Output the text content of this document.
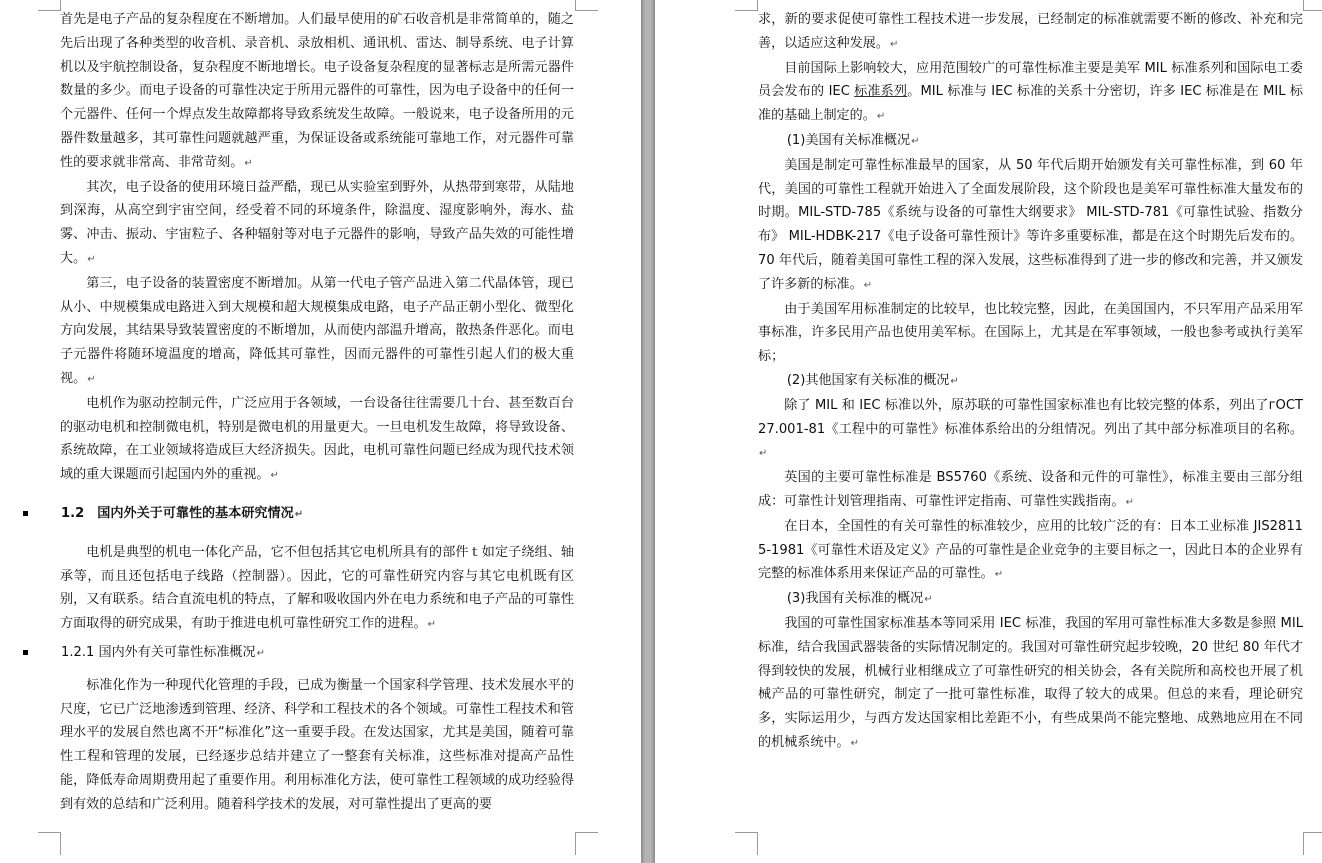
首先是电子产品的复杂程度在不断增加。人们最早使用的矿石收音机是非常简单的，随之先后出现了各种类型的收音机、录音机、录放相机、通讯机、雷达、制导系统、电子计算机以及宇航控制设备，复杂程度不断地增长。电子设备复杂程度的显著标志是所需元器件数量的多少。而电子设备的可靠性决定于所用元器件的可靠性，因为电子设备中的任何一个元器件、任何一个焊点发生故障都将导致系统发生故障。一般说来，电子设备所用的元器件数量越多，其可靠性问题就越严重，为保证设备或系统能可靠地工作，对元器件可靠性的要求就非常高、非常苛刻。↵

其次，电子设备的使用环境日益严酷，现已从实验室到野外，从热带到寒带，从陆地到深海，从高空到宇宙空间，经受着不同的环境条件，除温度、湿度影响外，海水、盐雾、冲击、振动、宇宙粒子、各种辐射等对电子元器件的影响，导致产品失效的可能性增大。↵

第三，电子设备的装置密度不断增加。从第一代电子管产品进入第二代晶体管，现已从小、中规模集成电路进入到大规模和超大规模集成电路，电子产品正朝小型化、微型化方向发展，其结果导致装置密度的不断增加，从而使内部温升增高，散热条件恶化。而电子元器件将随环境温度的增高，降低其可靠性，因而元器件的可靠性引起人们的极大重视。↵

电机作为驱动控制元件，广泛应用于各领域，一台设备往往需要几十台、甚至数百台的驱动电机和控制微电机，特别是微电机的用量更大。一旦电机发生故障，将导致设备、系统故障，在工业领域将造成巨大经济损失。因此，电机可靠性问题已经成为现代技术领域的重大课题而引起国内外的重视。↵

1.2　国内外关于可靠性的基本研究情况↵

电机是典型的机电一体化产品，它不但包括其它电机所具有的部件ｔ如定子绕组、轴承等，而且还包括电子线路（控制器）。因此，它的可靠性研究内容与其它电机既有区别，又有联系。结合直流电机的特点，了解和吸收国内外在电力系统和电子产品的可靠性方面取得的研究成果，有助于推进电机可靠性研究工作的进程。↵

1.2.1 国内外有关可靠性标准概况↵

标准化作为一种现代化管理的手段，已成为衡量一个国家科学管理、技术发展水平的尺度，它已广泛地渗透到管理、经济、科学和工程技术的各个领域。可靠性工程技术和管理水平的发展自然也离不开“标准化”这一重要手段。在发达国家，尤其是美国，随着可靠性工程和管理的发展，已经逐步总结并建立了一整套有关标准，这些标准对提高产品性能，降低寿命周期费用起了重要作用。利用标准化方法，使可靠性工程领域的成功经验得到有效的总结和广泛利用。随着科学技术的发展，对可靠性提出了更高的要

求，新的要求促使可靠性工程技术进一步发展，已经制定的标准就需要不断的修改、补充和完善，以适应这种发展。↵

目前国际上影响较大，应用范围较广的可靠性标准主要是美军 MIL 标准系列和国际电工委员会发布的 IEC 标准系列。MIL 标准与 IEC 标准的关系十分密切，许多 IEC 标准是在 MIL 标准的基础上制定的。↵

(1)美国有关标准概况↵

美国是制定可靠性标准最早的国家，从 50 年代后期开始颁发有关可靠性标准，到 60 年代，美国的可靠性工程就开始进入了全面发展阶段，这个阶段也是美军可靠性标准大量发布的时期。MIL-STD-785《系统与设备的可靠性大纲要求》 MIL-STD-781《可靠性试验、指数分布》 MIL-HDBK-217《电子设备可靠性预计》等许多重要标准，都是在这个时期先后发布的。70 年代后，随着美国可靠性工程的深入发展，这些标准得到了进一步的修改和完善，并又颁发了许多新的标准。↵

由于美国军用标准制定的比较早，也比较完整，因此，在美国国内，不只军用产品采用军事标准，许多民用产品也使用美军标。在国际上，尤其是在军事领域，一般也参考或执行美军标；

(2)其他国家有关标准的概况↵

除了 MIL 和 IEC 标准以外，原苏联的可靠性国家标准也有比较完整的体系，列出了гOCT27.001-81《工程中的可靠性》标准体系给出的分组情况。列出了其中部分标准项目的名称。↵

英国的主要可靠性标准是 BS5760《系统、设备和元件的可靠性》，标准主要由三部分组成：可靠性计划管理指南、可靠性评定指南、可靠性实践指南。↵

在日本，全国性的有关可靠性的标准较少，应用的比较广泛的有：日本工业标准 JIS28115-1981《可靠性术语及定义》产品的可靠性是企业竞争的主要目标之一，因此日本的企业界有完整的标准体系用来保证产品的可靠性。↵

(3)我国有关标准的概况↵

我国的可靠性国家标准基本等同采用 IEC 标准，我国的军用可靠性标准大多数是参照 MIL 标准，结合我国武器装备的实际情况制定的。我国对可靠性研究起步较晚，20 世纪 80 年代才得到较快的发展，机械行业相继成立了可靠性研究的相关协会，各有关院所和高校也开展了机械产品的可靠性研究，制定了一批可靠性标准，取得了较大的成果。但总的来看，理论研究多，实际运用少，与西方发达国家相比差距不小，有些成果尚不能完整地、成熟地应用在不同的机械系统中。↵
